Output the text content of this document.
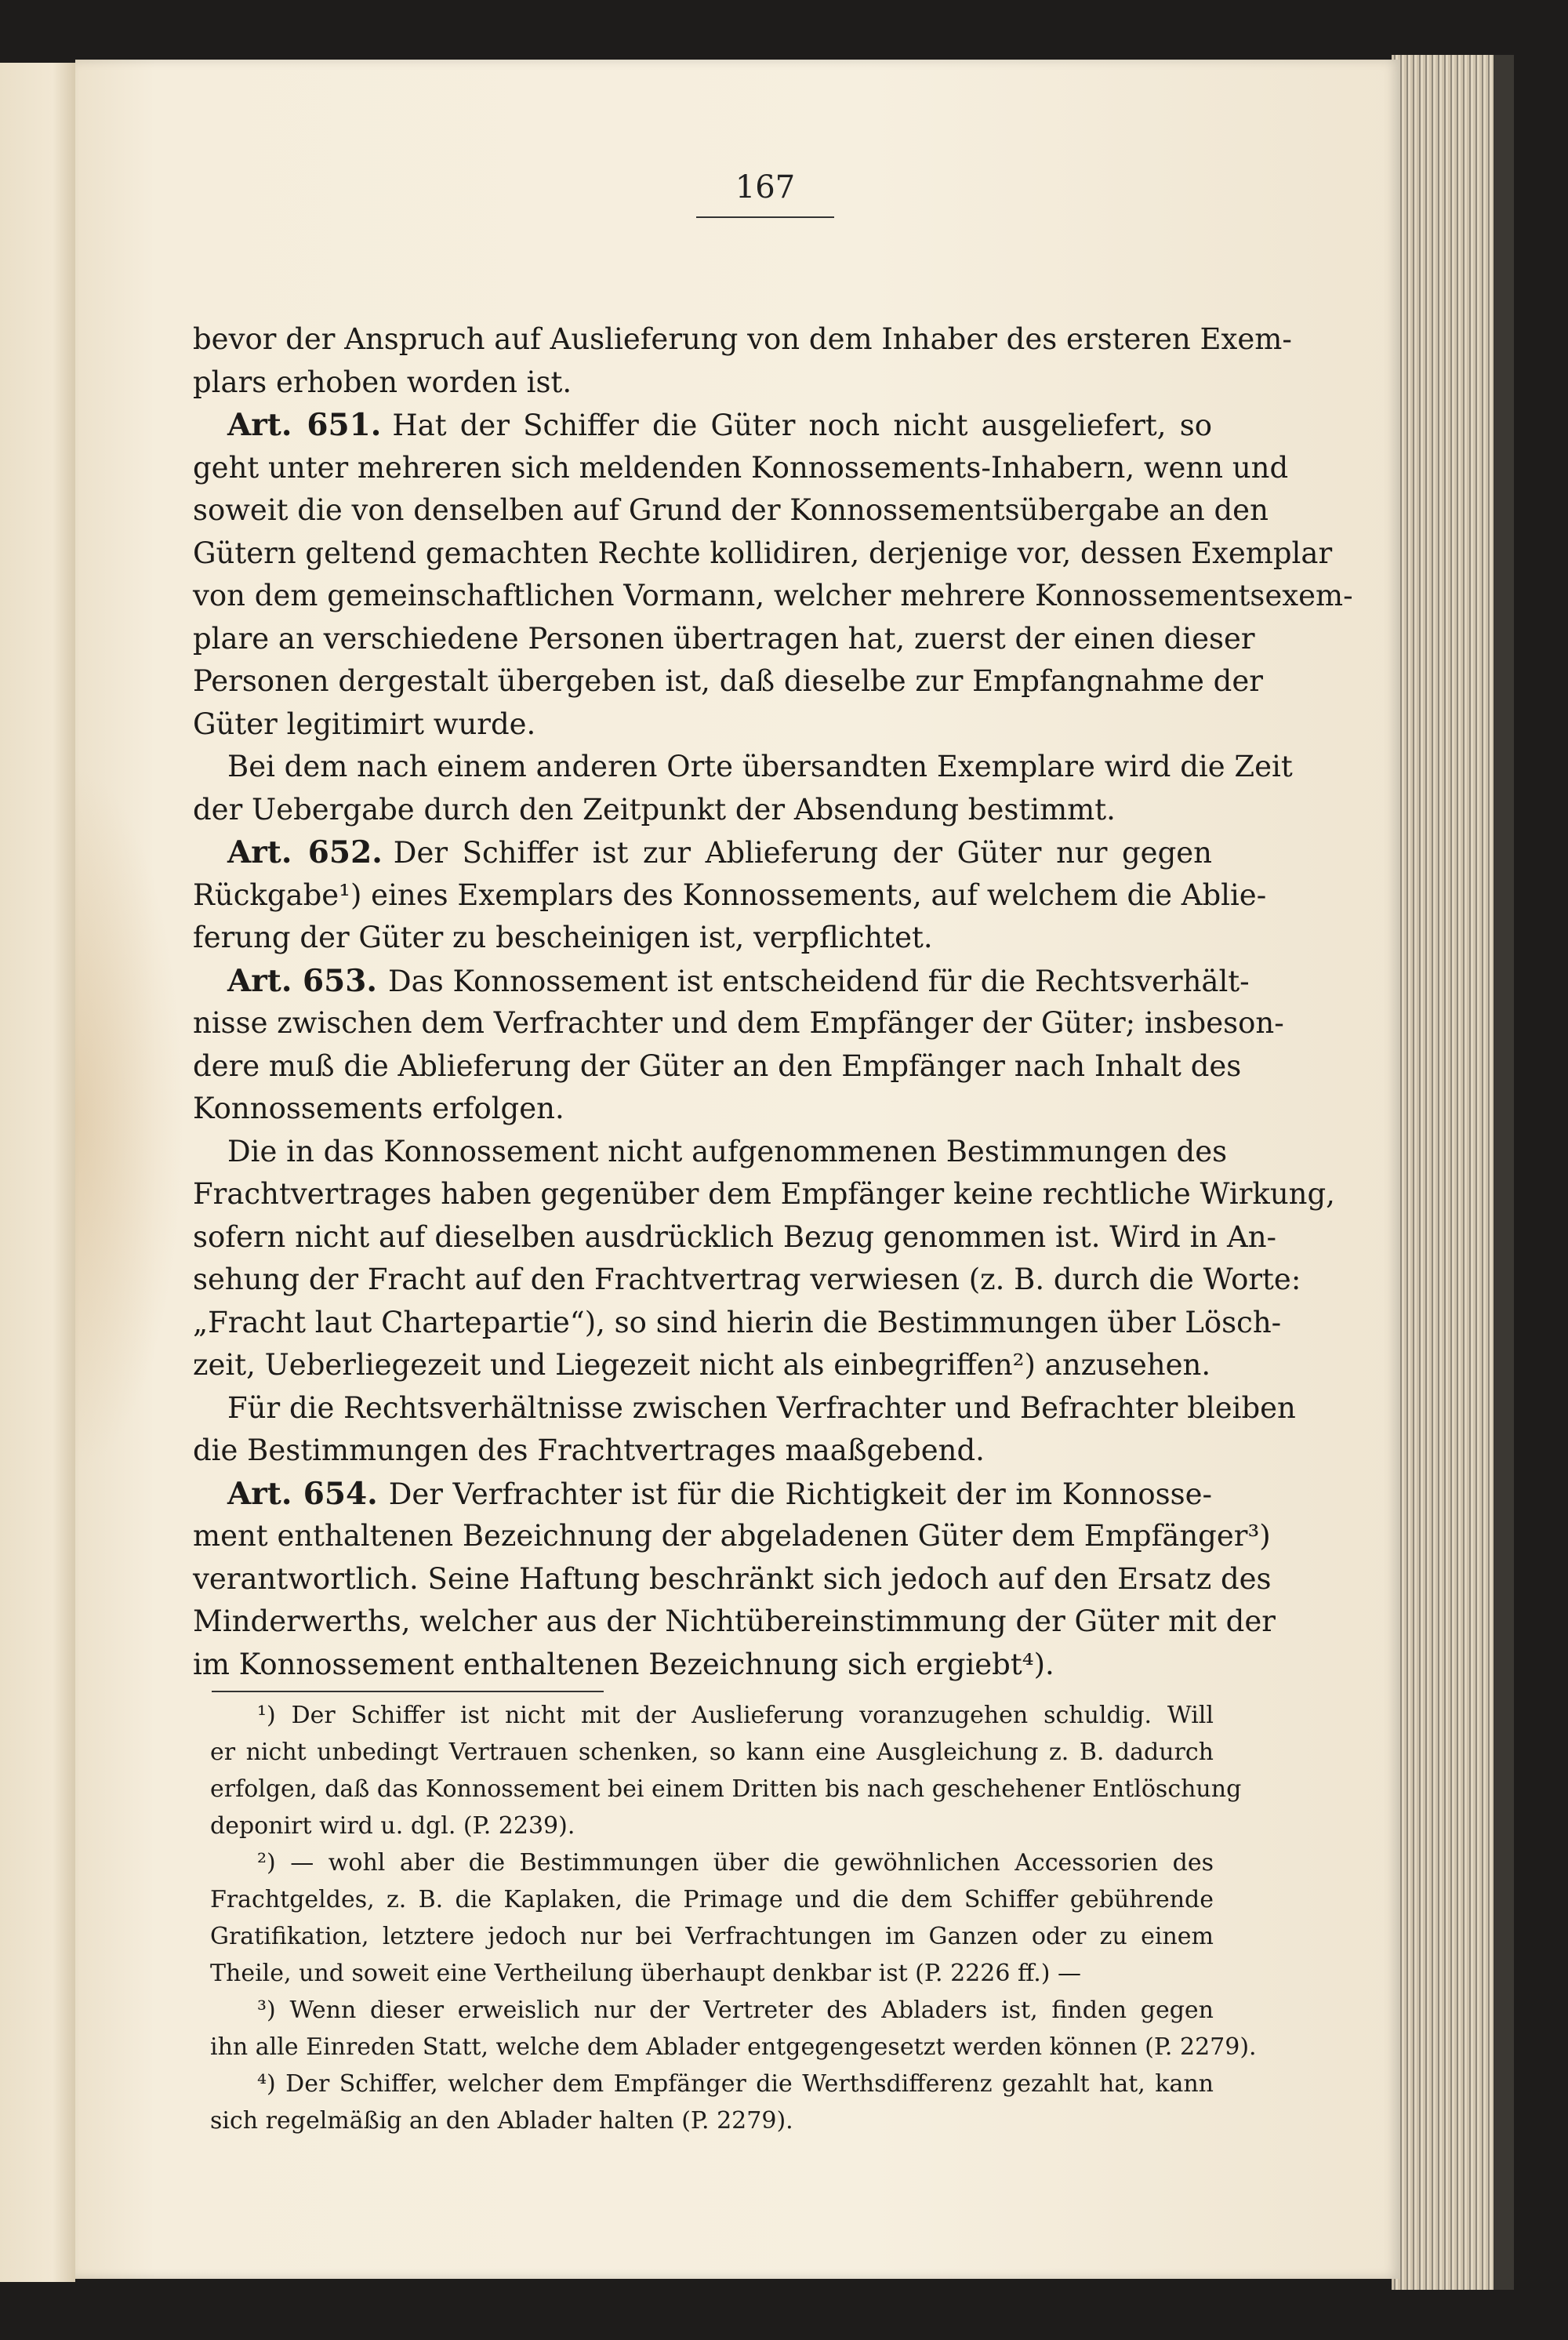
167
bevor der Anspruch auf Auslieferung von dem Inhaber des ersteren Exem-
plars erhoben worden ist.
Art. 651. Hat der Schiffer die Güter noch nicht ausgeliefert, so
geht unter mehreren sich meldenden Konnossements-Inhabern, wenn und
soweit die von denselben auf Grund der Konnossementsübergabe an den
Gütern geltend gemachten Rechte kollidiren, derjenige vor, dessen Exemplar
von dem gemeinschaftlichen Vormann, welcher mehrere Konnossementsexem-
plare an verschiedene Personen übertragen hat, zuerst der einen dieser
Personen dergestalt übergeben ist, daß dieselbe zur Empfangnahme der
Güter legitimirt wurde.
Bei dem nach einem anderen Orte übersandten Exemplare wird die Zeit
der Uebergabe durch den Zeitpunkt der Absendung bestimmt.
Art. 652. Der Schiffer ist zur Ablieferung der Güter nur gegen
Rückgabe¹) eines Exemplars des Konnossements, auf welchem die Ablie-
ferung der Güter zu bescheinigen ist, verpflichtet.
Art. 653. Das Konnossement ist entscheidend für die Rechtsverhält-
nisse zwischen dem Verfrachter und dem Empfänger der Güter; insbeson-
dere muß die Ablieferung der Güter an den Empfänger nach Inhalt des
Konnossements erfolgen.
Die in das Konnossement nicht aufgenommenen Bestimmungen des
Frachtvertrages haben gegenüber dem Empfänger keine rechtliche Wirkung,
sofern nicht auf dieselben ausdrücklich Bezug genommen ist. Wird in An-
sehung der Fracht auf den Frachtvertrag verwiesen (z. B. durch die Worte:
„Fracht laut Chartepartie“), so sind hierin die Bestimmungen über Lösch-
zeit, Ueberliegezeit und Liegezeit nicht als einbegriffen²) anzusehen.
Für die Rechtsverhältnisse zwischen Verfrachter und Befrachter bleiben
die Bestimmungen des Frachtvertrages maaßgebend.
Art. 654. Der Verfrachter ist für die Richtigkeit der im Konnosse-
ment enthaltenen Bezeichnung der abgeladenen Güter dem Empfänger³)
verantwortlich. Seine Haftung beschränkt sich jedoch auf den Ersatz des
Minderwerths, welcher aus der Nichtübereinstimmung der Güter mit der
im Konnossement enthaltenen Bezeichnung sich ergiebt⁴).
¹) Der Schiffer ist nicht mit der Auslieferung voranzugehen schuldig. Will
er nicht unbedingt Vertrauen schenken, so kann eine Ausgleichung z. B. dadurch
erfolgen, daß das Konnossement bei einem Dritten bis nach geschehener Entlöschung
deponirt wird u. dgl. (P. 2239).
²) — wohl aber die Bestimmungen über die gewöhnlichen Accessorien des
Frachtgeldes, z. B. die Kaplaken, die Primage und die dem Schiffer gebührende
Gratifikation, letztere jedoch nur bei Verfrachtungen im Ganzen oder zu einem
Theile, und soweit eine Vertheilung überhaupt denkbar ist (P. 2226 ff.) —
³) Wenn dieser erweislich nur der Vertreter des Abladers ist, finden gegen
ihn alle Einreden Statt, welche dem Ablader entgegengesetzt werden können (P. 2279).
⁴) Der Schiffer, welcher dem Empfänger die Werthsdifferenz gezahlt hat, kann
sich regelmäßig an den Ablader halten (P. 2279).
